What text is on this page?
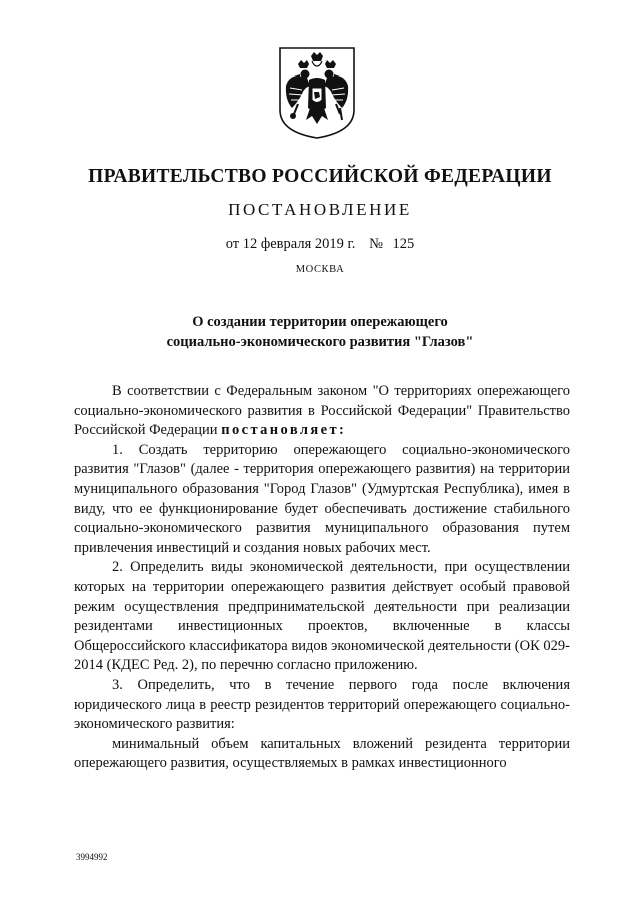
ПРАВИТЕЛЬСТВО РОССИЙСКОЙ ФЕДЕРАЦИИ
ПОСТАНОВЛЕНИЕ
от 12 февраля 2019 г. № 125
МОСКВА
О создании территории опережающего
социально-экономического развития "Глазов"

В соответствии с Федеральным законом "О территориях опережающего социально-экономического развития в Российской Федерации" Правительство Российской Федерации постановляет:

1. Создать территорию опережающего социально-экономического развития "Глазов" (далее - территория опережающего развития) на территории муниципального образования "Город Глазов" (Удмуртская Республика), имея в виду, что ее функционирование будет обеспечивать достижение стабильного социально-экономического развития муниципального образования путем привлечения инвестиций и создания новых рабочих мест.

2. Определить виды экономической деятельности, при осуществлении которых на территории опережающего развития действует особый правовой режим осуществления предпринимательской деятельности при реализации резидентами инвестиционных проектов, включенные в классы Общероссийского классификатора видов экономической деятельности (ОК 029-2014 (КДЕС Ред. 2), по перечню согласно приложению.

3. Определить, что в течение первого года после включения юридического лица в реестр резидентов территорий опережающего социально-экономического развития:

минимальный объем капитальных вложений резидента территории опережающего развития, осуществляемых в рамках инвестиционного

3994992
